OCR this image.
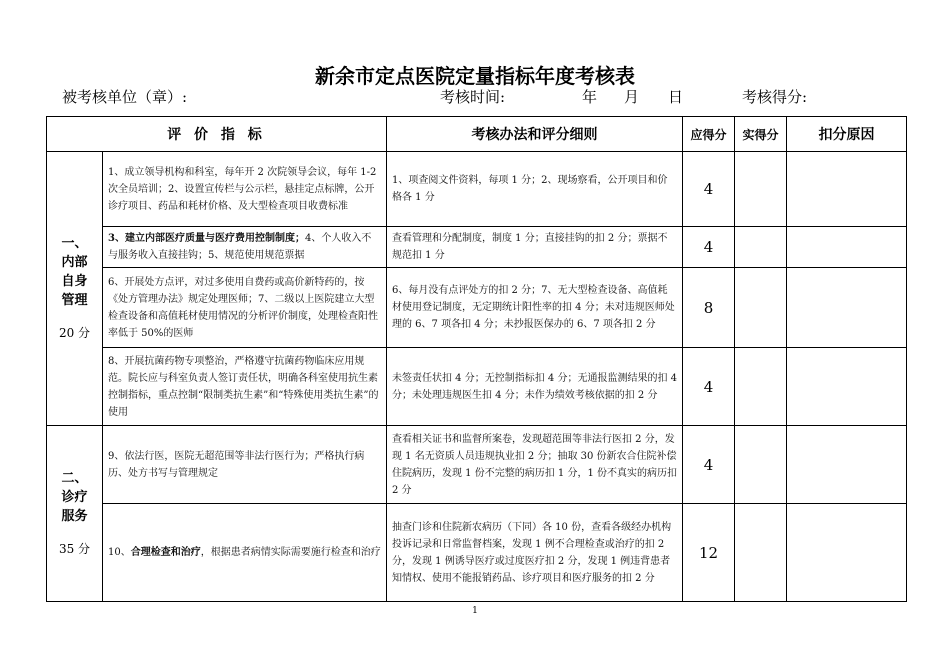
新余市定点医院定量指标年度考核表
被考核单位（章）:	考核时间:	年 月 日	考核得分:
评 价 指 标		考核办法和评分细则	应得分	实得分	扣分原因
一、
内部
自身
管理
20 分	1、成立领导机构和科室，每年开 2 次院领导会议，每年 1-2 次全员培训；2、设置宣传栏与公示栏，悬挂定点标牌，公开诊疗项目、药品和耗材价格、及大型检查项目收费标准	1、项查阅文件资料，每项 1 分；2、现场察看，公开项目和价格各 1 分	4		
	3、建立内部医疗质量与医疗费用控制制度；4、个人收入不与服务收入直接挂钩；5、规范使用规范票据	查看管理和分配制度，制度 1 分；直接挂钩的扣 2 分；票据不规范扣 1 分	4		
	6、开展处方点评，对过多使用自费药或高价新特药的，按《处方管理办法》规定处理医师；7、二级以上医院建立大型检查设备和高值耗材使用情况的分析评价制度，处理检查阳性率低于 50%的医师	6、每月没有点评处方的扣 2 分；7、无大型检查设备、高值耗材使用登记制度，无定期统计阳性率的扣 4 分；未对违规医师处理的 6、7 项各扣 4 分；未抄报医保办的 6、7 项各扣 2 分	8		
	8、开展抗菌药物专项整治，严格遵守抗菌药物临床应用规范。院长应与科室负责人签订责任状，明确各科室使用抗生素控制指标，重点控制“限制类抗生素”和“特殊使用类抗生素”的使用	未签责任状扣 4 分；无控制指标扣 4 分；无通报监测结果的扣 4 分；未处理违规医生扣 4 分；未作为绩效考核依据的扣 2 分	4		
二、
诊疗
服务
35 分	9、依法行医，医院无超范围等非法行医行为；严格执行病历、处方书写与管理规定	查看相关证书和监督所案卷，发现超范围等非法行医扣 2 分，发现 1 名无资质人员违规执业扣 2 分；抽取 30 份新农合住院补偿住院病历，发现 1 份不完整的病历扣 1 分，1 份不真实的病历扣 2 分	4		
	10、合理检查和治疗，根据患者病情实际需要施行检查和治疗	抽查门诊和住院新农病历（下同）各 10 份，查看各级经办机构投诉记录和日常监督档案，发现 1 例不合理检查或治疗的扣 2 分，发现 1 例诱导医疗或过度医疗扣 2 分，发现 1 例违背患者知情权、使用不能报销药品、诊疗项目和医疗服务的扣 2 分	12		
1
